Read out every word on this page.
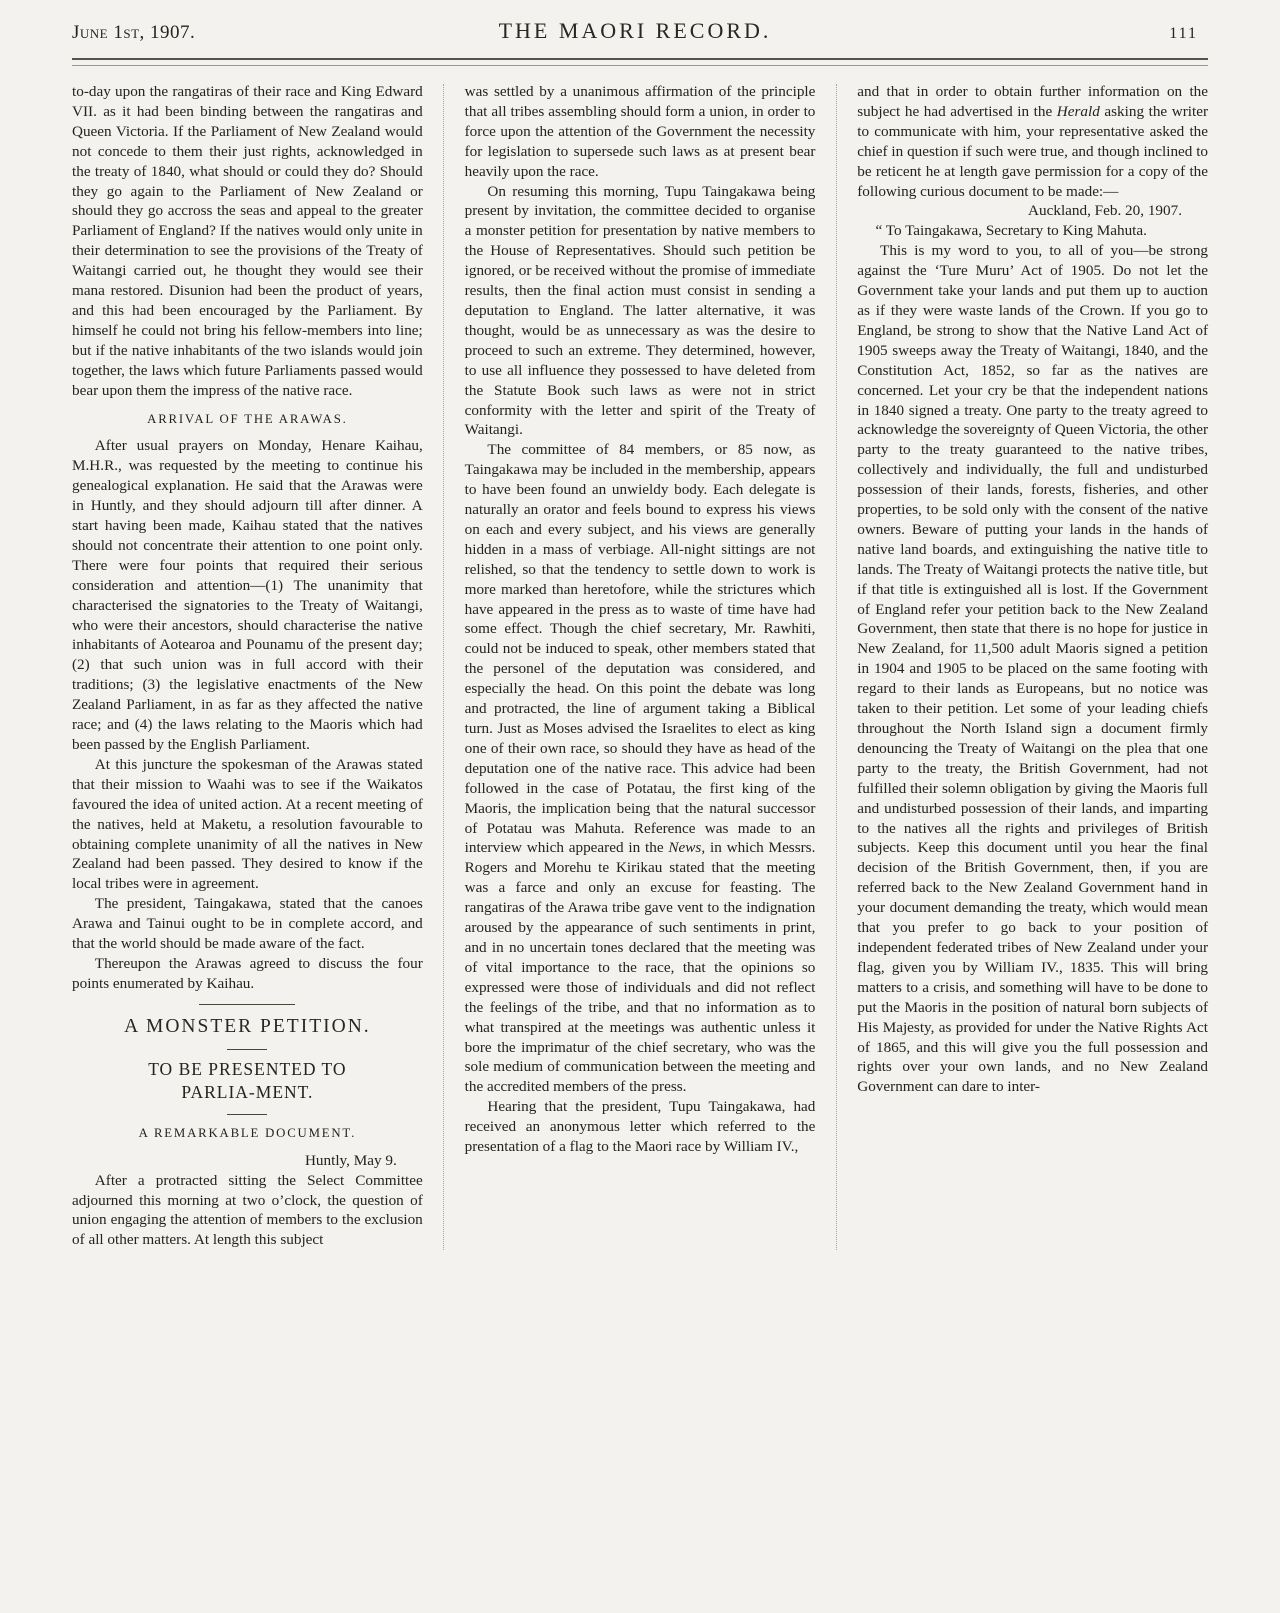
June 1st, 1907.	THE MAORI RECORD.	111
to-day upon the rangatiras of their race and King Edward VII. as it had been binding between the rangatiras and Queen Victoria. If the Parliament of New Zealand would not concede to them their just rights, acknowledged in the treaty of 1840, what should or could they do? Should they go again to the Parliament of New Zealand or should they go accross the seas and appeal to the greater Parliament of England? If the natives would only unite in their determination to see the provisions of the Treaty of Waitangi carried out, he thought they would see their mana restored. Disunion had been the product of years, and this had been encouraged by the Parliament. By himself he could not bring his fellow-members into line; but if the native inhabitants of the two islands would join together, the laws which future Parliaments passed would bear upon them the impress of the native race.
ARRIVAL OF THE ARAWAS.
After usual prayers on Monday, Henare Kaihau, M.H.R., was requested by the meeting to continue his genealogical explanation. He said that the Arawas were in Huntly, and they should adjourn till after dinner. A start having been made, Kaihau stated that the natives should not concentrate their attention to one point only. There were four points that required their serious consideration and attention—(1) The unanimity that characterised the signatories to the Treaty of Waitangi, who were their ancestors, should characterise the native inhabitants of Aotearoa and Pounamu of the present day; (2) that such union was in full accord with their traditions; (3) the legislative enactments of the New Zealand Parliament, in as far as they affected the native race; and (4) the laws relating to the Maoris which had been passed by the English Parliament.
At this juncture the spokesman of the Arawas stated that their mission to Waahi was to see if the Waikatos favoured the idea of united action. At a recent meeting of the natives, held at Maketu, a resolution favourable to obtaining complete unanimity of all the natives in New Zealand had been passed. They desired to know if the local tribes were in agreement.
The president, Taingakawa, stated that the canoes Arawa and Tainui ought to be in complete accord, and that the world should be made aware of the fact.
Thereupon the Arawas agreed to discuss the four points enumerated by Kaihau.
A MONSTER PETITION.
TO BE PRESENTED TO PARLIA‑MENT.
A REMARKABLE DOCUMENT.
Huntly, May 9.
After a protracted sitting the Select Committee adjourned this morning at two o’clock, the question of union engaging the attention of members to the exclusion of all other matters. At length this subject
was settled by a unanimous affirmation of the principle that all tribes assembling should form a union, in order to force upon the attention of the Government the necessity for legislation to supersede such laws as at present bear heavily upon the race.
On resuming this morning, Tupu Taingakawa being present by invitation, the committee decided to organise a monster petition for presentation by native members to the House of Representatives. Should such petition be ignored, or be received without the promise of immediate results, then the final action must consist in sending a deputation to England. The latter alternative, it was thought, would be as unnecessary as was the desire to proceed to such an extreme. They determined, however, to use all influence they possessed to have deleted from the Statute Book such laws as were not in strict conformity with the letter and spirit of the Treaty of Waitangi.
The committee of 84 members, or 85 now, as Taingakawa may be included in the membership, appears to have been found an unwieldy body. Each delegate is naturally an orator and feels bound to express his views on each and every subject, and his views are generally hidden in a mass of verbiage. All-night sittings are not relished, so that the tendency to settle down to work is more marked than heretofore, while the strictures which have appeared in the press as to waste of time have had some effect. Though the chief secretary, Mr. Rawhiti, could not be induced to speak, other members stated that the personel of the deputation was considered, and especially the head. On this point the debate was long and protracted, the line of argument taking a Biblical turn. Just as Moses advised the Israelites to elect as king one of their own race, so should they have as head of the deputation one of the native race. This advice had been followed in the case of Potatau, the first king of the Maoris, the implication being that the natural successor of Potatau was Mahuta. Reference was made to an interview which appeared in the News, in which Messrs. Rogers and Morehu te Kirikau stated that the meeting was a farce and only an excuse for feasting. The rangatiras of the Arawa tribe gave vent to the indignation aroused by the appearance of such sentiments in print, and in no uncertain tones declared that the meeting was of vital importance to the race, that the opinions so expressed were those of individuals and did not reflect the feelings of the tribe, and that no information as to what transpired at the meetings was authentic unless it bore the imprimatur of the chief secretary, who was the sole medium of communication between the meeting and the accredited members of the press.
Hearing that the president, Tupu Taingakawa, had received an anonymous letter which referred to the presentation of a flag to the Maori race by William IV.,
and that in order to obtain further information on the subject he had advertised in the Herald asking the writer to communicate with him, your representative asked the chief in question if such were true, and though inclined to be reticent he at length gave permission for a copy of the following curious document to be made:—
Auckland, Feb. 20, 1907.
“ To Taingakawa, Secretary to King Mahuta.
This is my word to you, to all of you—be strong against the ‘Ture Muru’ Act of 1905. Do not let the Government take your lands and put them up to auction as if they were waste lands of the Crown. If you go to England, be strong to show that the Native Land Act of 1905 sweeps away the Treaty of Waitangi, 1840, and the Constitution Act, 1852, so far as the natives are concerned. Let your cry be that the independent nations in 1840 signed a treaty. One party to the treaty agreed to acknowledge the sovereignty of Queen Victoria, the other party to the treaty guaranteed to the native tribes, collectively and individually, the full and undisturbed possession of their lands, forests, fisheries, and other properties, to be sold only with the consent of the native owners. Beware of putting your lands in the hands of native land boards, and extinguishing the native title to lands. The Treaty of Waitangi protects the native title, but if that title is extinguished all is lost. If the Government of England refer your petition back to the New Zealand Government, then state that there is no hope for justice in New Zealand, for 11,500 adult Maoris signed a petition in 1904 and 1905 to be placed on the same footing with regard to their lands as Europeans, but no notice was taken to their petition. Let some of your leading chiefs throughout the North Island sign a document firmly denouncing the Treaty of Waitangi on the plea that one party to the treaty, the British Government, had not fulfilled their solemn obligation by giving the Maoris full and undisturbed possession of their lands, and imparting to the natives all the rights and privileges of British subjects. Keep this document until you hear the final decision of the British Government, then, if you are referred back to the New Zealand Government hand in your document demanding the treaty, which would mean that you prefer to go back to your position of independent federated tribes of New Zealand under your flag, given you by William IV., 1835. This will bring matters to a crisis, and something will have to be done to put the Maoris in the position of natural born subjects of His Majesty, as provided for under the Native Rights Act of 1865, and this will give you the full possession and rights over your own lands, and no New Zealand Government can dare to inter-
